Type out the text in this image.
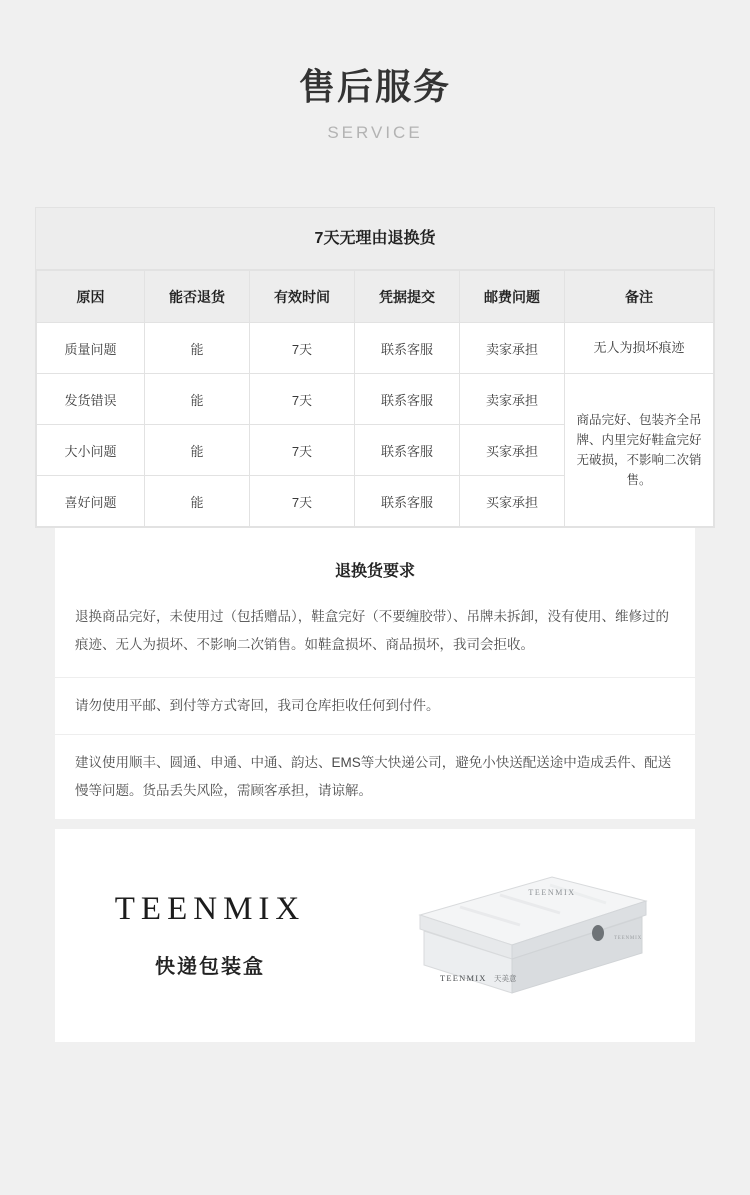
售后服务
SERVICE
7天无理由退换货
原因	能否退货	有效时间	凭据提交	邮费问题	备注
质量问题	能	7天	联系客服	卖家承担	无人为损坏痕迹
发货错误	能	7天	联系客服	卖家承担	商品完好、包装齐全吊牌、内里完好鞋盒完好无破损，不影响二次销售。
大小问题	能	7天	联系客服	买家承担	
喜好问题	能	7天	联系客服	买家承担	
退换货要求
退换商品完好，未使用过（包括赠品），鞋盒完好（不要缠胶带）、吊牌未拆卸，没有使用、维修过的痕迹、无人为损坏、不影响二次销售。如鞋盒损坏、商品损坏，我司会拒收。
请勿使用平邮、到付等方式寄回，我司仓库拒收任何到付件。
建议使用顺丰、圆通、申通、中通、韵达、EMS等大快递公司，避免小快送配送途中造成丢件、配送慢等问题。货品丢失风险，需顾客承担，请谅解。
TEENMIX
快递包装盒
TEENMIX
TEENMIX 天美意
TEENMIX
